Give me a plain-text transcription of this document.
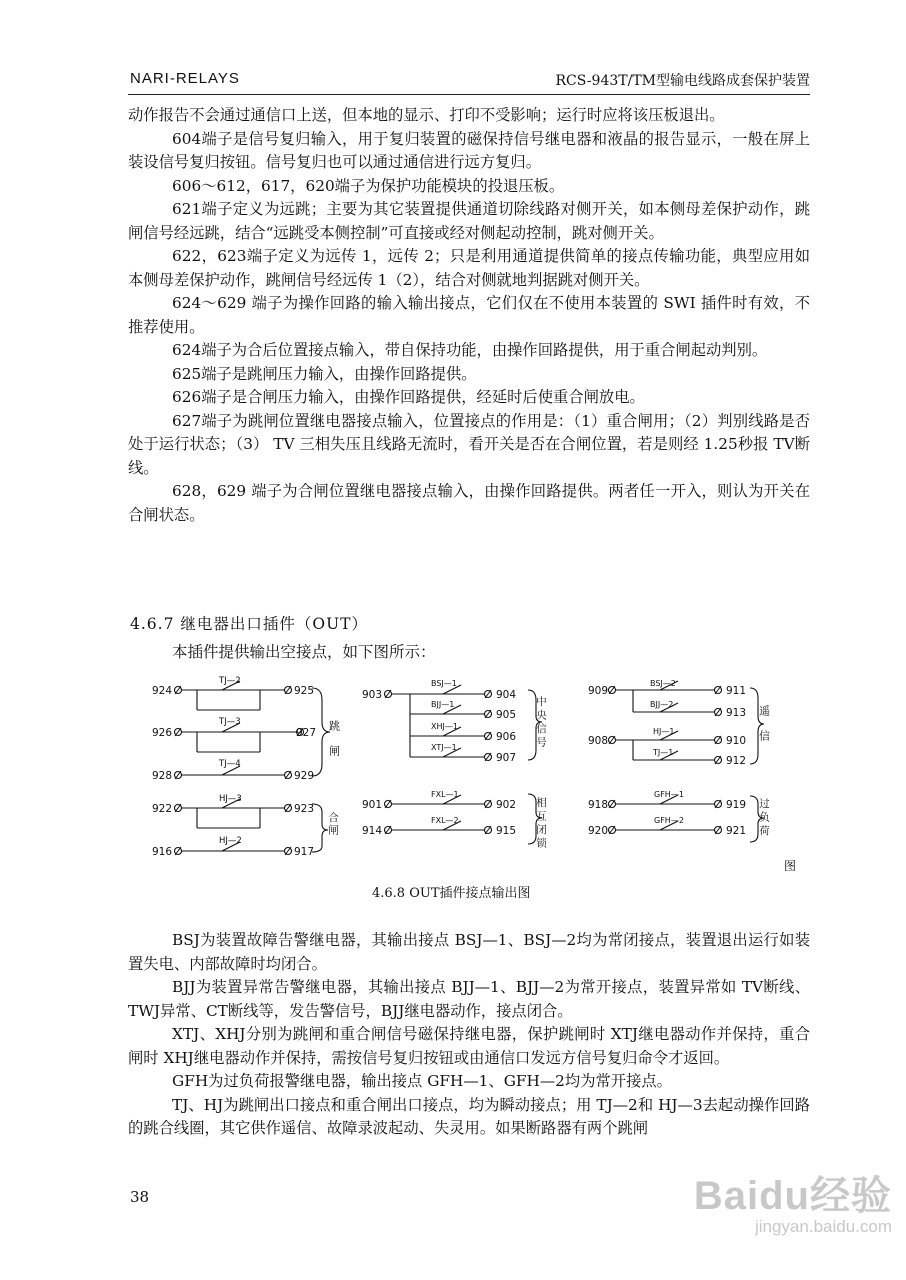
NARI-RELAYS	RCS-943T/TM型输电线路成套保护装置

动作报告不会通过通信口上送，但本地的显示、打印不受影响；运行时应将该压板退出。

604端子是信号复归输入，用于复归装置的磁保持信号继电器和液晶的报告显示，一般在屏上装设信号复归按钮。信号复归也可以通过通信进行远方复归。

606～612，617，620端子为保护功能模块的投退压板。

621端子定义为远跳；主要为其它装置提供通道切除线路对侧开关，如本侧母差保护动作，跳闸信号经远跳，结合“远跳受本侧控制”可直接或经对侧起动控制，跳对侧开关。

622，623端子定义为远传 1，远传 2；只是利用通道提供简单的接点传输功能，典型应用如本侧母差保护动作，跳闸信号经远传 1（2），结合对侧就地判据跳对侧开关。

624～629 端子为操作回路的输入输出接点，它们仅在不使用本装置的 SWI 插件时有效，不推荐使用。

624端子为合后位置接点输入，带自保持功能，由操作回路提供，用于重合闸起动判别。

625端子是跳闸压力输入，由操作回路提供。

626端子是合闸压力输入，由操作回路提供，经延时后使重合闸放电。

627端子为跳闸位置继电器接点输入，位置接点的作用是：（1）重合闸用；（2）判别线路是否处于运行状态；（3） TV 三相失压且线路无流时，看开关是否在合闸位置，若是则经 1.25秒报 TV断线。

628，629 端子为合闸位置继电器接点输入，由操作回路提供。两者任一开入，则认为开关在合闸状态。

4.6.7 继电器出口插件（OUT）
本插件提供输出空接点，如下图所示：
924	925
TJ—2
926
TJ—3
927
928	929
TJ—4	跳闸
922
HJ—3
923
916
HJ—2
917
合闸
903
BSJ—1
BJJ—1
XHJ—1
XTJ—1
904
905
906
907
中央信号
901
FXL—1
902
914
FXL—2
915 相互闭锁
909
BSJ—2
BJJ—2
911
913
908
HJ—1
TJ—1
910
912
遥信
918
GFH—1
919
920
GFH—2
921 过负荷
图
4.6.8 OUT插件接点输出图

BSJ为装置故障告警继电器，其输出接点 BSJ—1、BSJ—2均为常闭接点，装置退出运行如装置失电、内部故障时均闭合。

BJJ为装置异常告警继电器，其输出接点 BJJ—1、BJJ—2为常开接点，装置异常如 TV断线、TWJ异常、CT断线等，发告警信号，BJJ继电器动作，接点闭合。

XTJ、XHJ分别为跳闸和重合闸信号磁保持继电器，保护跳闸时 XTJ继电器动作并保持，重合闸时 XHJ继电器动作并保持，需按信号复归按钮或由通信口发远方信号复归命令才返回。

GFH为过负荷报警继电器，输出接点 GFH—1、GFH—2均为常开接点。

TJ、HJ为跳闸出口接点和重合闸出口接点，均为瞬动接点；用 TJ—2和 HJ—3去起动操作回路的跳合线圈，其它供作遥信、故障录波起动、失灵用。如果断路器有两个跳闸

38	Baidu经验
jingyan.baidu.com
